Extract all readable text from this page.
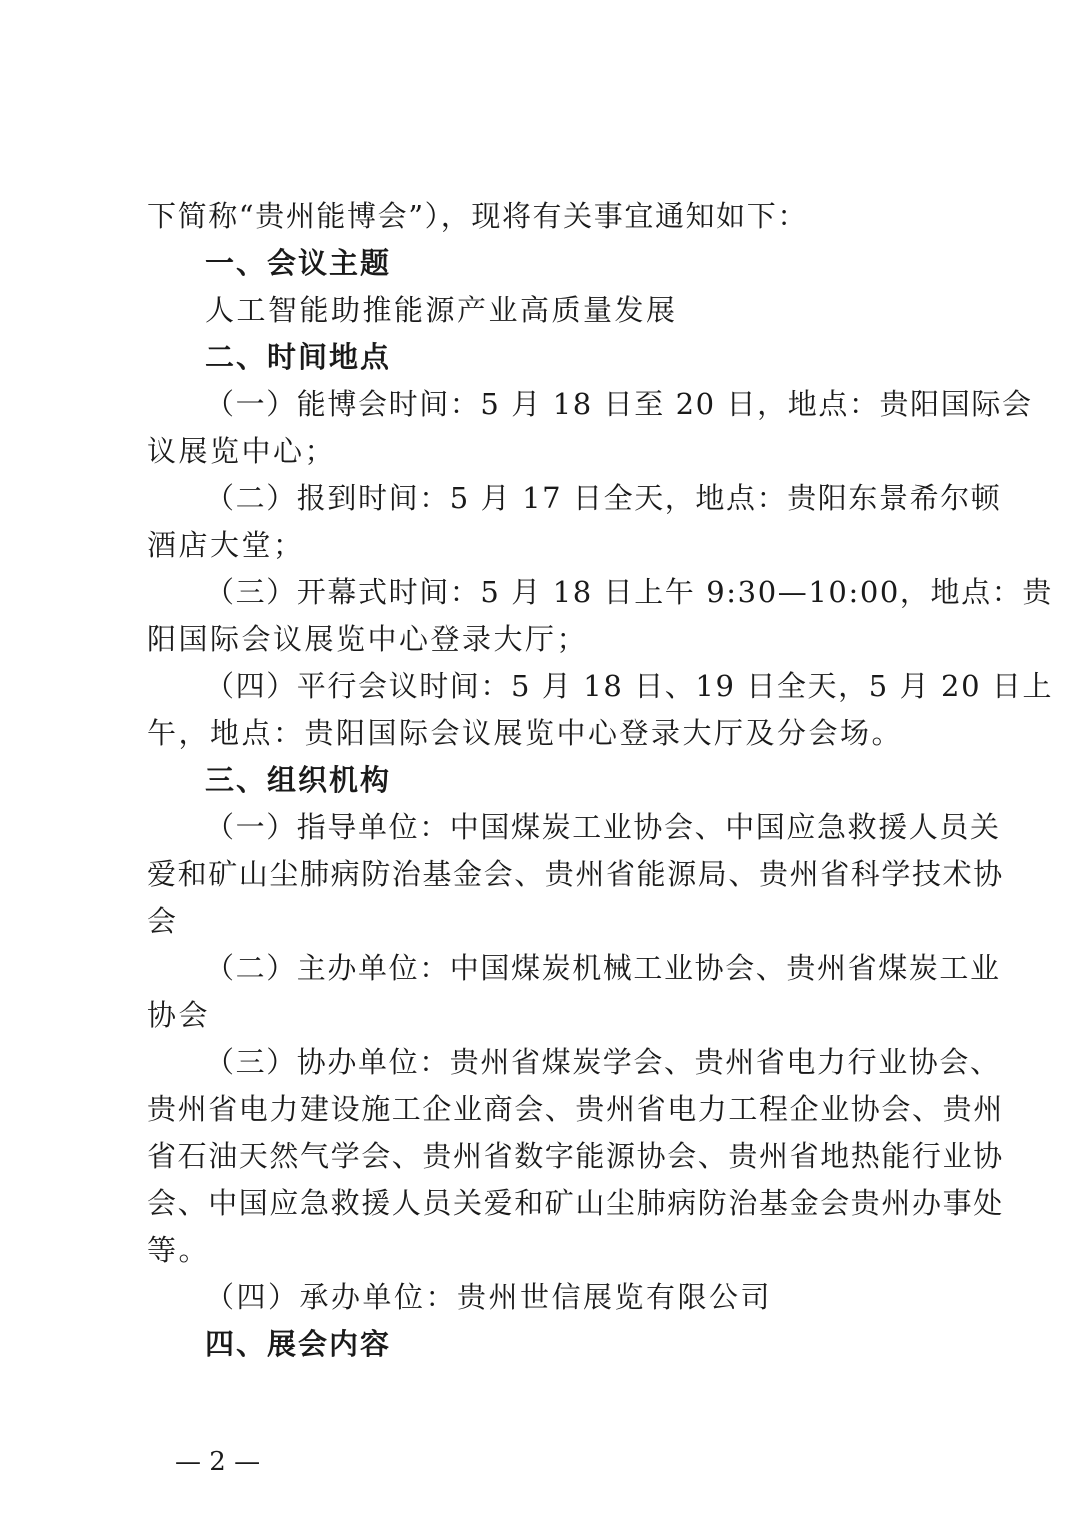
下简称“贵州能博会”），现将有关事宜通知如下：
一、会议主题
人工智能助推能源产业高质量发展
二、时间地点
（一）能博会时间：5 月 18 日至 20 日，地点：贵阳国际会
议展览中心；
（二）报到时间：5 月 17 日全天，地点：贵阳东景希尔顿
酒店大堂；
（三）开幕式时间：5 月 18 日上午 9:30—10:00，地点：贵
阳国际会议展览中心登录大厅；
（四）平行会议时间：5 月 18 日、19 日全天，5 月 20 日上
午，地点：贵阳国际会议展览中心登录大厅及分会场。
三、组织机构
（一）指导单位：中国煤炭工业协会、中国应急救援人员关
爱和矿山尘肺病防治基金会、贵州省能源局、贵州省科学技术协
会
（二）主办单位：中国煤炭机械工业协会、贵州省煤炭工业
协会
（三）协办单位：贵州省煤炭学会、贵州省电力行业协会、
贵州省电力建设施工企业商会、贵州省电力工程企业协会、贵州
省石油天然气学会、贵州省数字能源协会、贵州省地热能行业协
会、中国应急救援人员关爱和矿山尘肺病防治基金会贵州办事处
等。
（四）承办单位：贵州世信展览有限公司
四、展会内容
— 2 —
